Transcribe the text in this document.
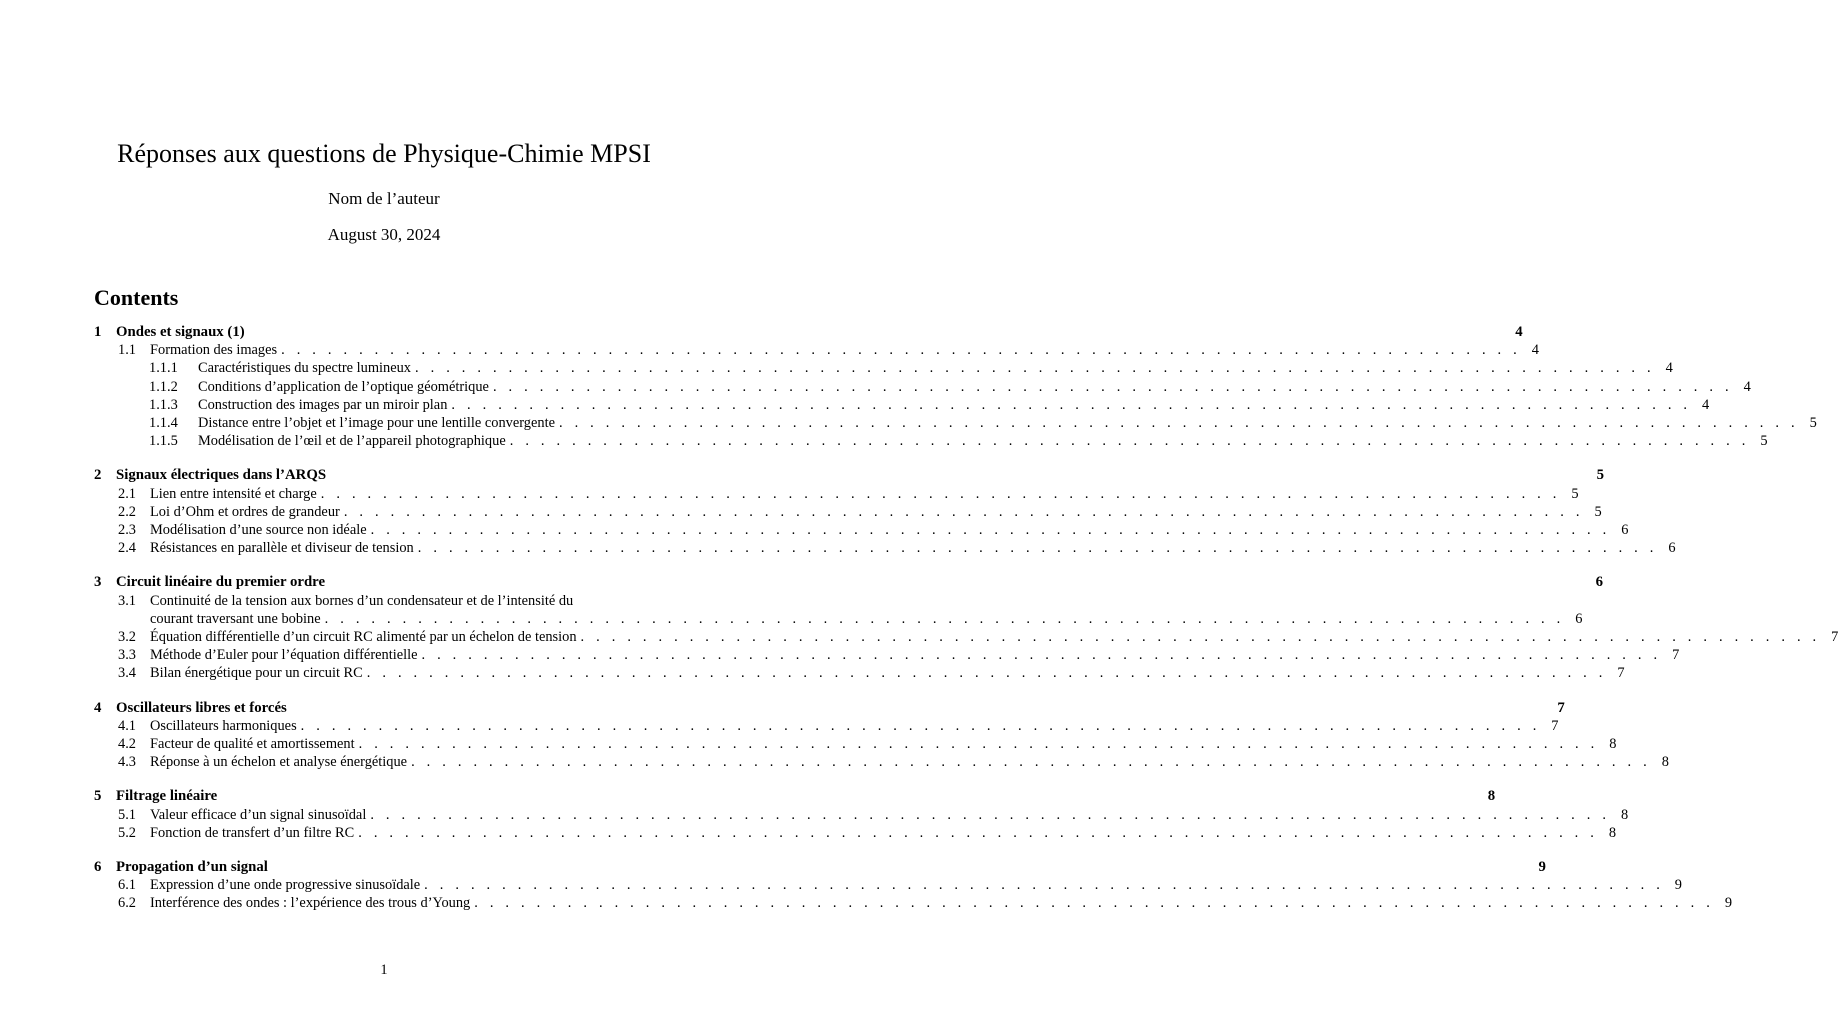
Réponses aux questions de Physique-Chimie MPSI
Nom de l’auteur
August 30, 2024
Contents
1 Ondes et signaux (1)	4
1.1 Formation des images . . . . . . . . . . . . . . . . . . . . . . . . . . . . . . . . . . . . . . . . . . . . . . . . . . . . . . . . . . . . . . . . . . . . . . . . . . . . . . . . 4
1.1.1	Caractéristiques du spectre lumineux . . . . . . . . . . . . . . . . . . . . . . . . . . . . . . . . . . . . . . . . . . . . . . . . . . . . . . . . . . . . . . . . . . . . . . . . . . . . . . . . 4
1.1.2	Conditions d’application de l’optique géométrique . . . . . . . . . . . . . . . . . . . . . . . . . . . . . . . . . . . . . . . . . . . . . . . . . . . . . . . . . . . . . . . . . . . . . . . . . . . . . . . . 4
1.1.3	Construction des images par un miroir plan . . . . . . . . . . . . . . . . . . . . . . . . . . . . . . . . . . . . . . . . . . . . . . . . . . . . . . . . . . . . . . . . . . . . . . . . . . . . . . . . 4
1.1.4	Distance entre l’objet et l’image pour une lentille convergente . . . . . . . . . . . . . . . . . . . . . . . . . . . . . . . . . . . . . . . . . . . . . . . . . . . . . . . . . . . . . . . . . . . . . . . . . . . . . . . . 5
1.1.5	Modélisation de l’œil et de l’appareil photographique . . . . . . . . . . . . . . . . . . . . . . . . . . . . . . . . . . . . . . . . . . . . . . . . . . . . . . . . . . . . . . . . . . . . . . . . . . . . . . . . 5
2 Signaux électriques dans l’ARQS	5
2.1 Lien entre intensité et charge . . . . . . . . . . . . . . . . . . . . . . . . . . . . . . . . . . . . . . . . . . . . . . . . . . . . . . . . . . . . . . . . . . . . . . . . . . . . . . . . 5
2.2 Loi d’Ohm et ordres de grandeur . . . . . . . . . . . . . . . . . . . . . . . . . . . . . . . . . . . . . . . . . . . . . . . . . . . . . . . . . . . . . . . . . . . . . . . . . . . . . . . . 5
2.3 Modélisation d’une source non idéale . . . . . . . . . . . . . . . . . . . . . . . . . . . . . . . . . . . . . . . . . . . . . . . . . . . . . . . . . . . . . . . . . . . . . . . . . . . . . . . . 6
2.4 Résistances en parallèle et diviseur de tension . . . . . . . . . . . . . . . . . . . . . . . . . . . . . . . . . . . . . . . . . . . . . . . . . . . . . . . . . . . . . . . . . . . . . . . . . . . . . . . . 6
3 Circuit linéaire du premier ordre	6
3.1 Continuité de la tension aux bornes d’un condensateur et de l’intensité du
courant traversant une bobine . . . . . . . . . . . . . . . . . . . . . . . . . . . . . . . . . . . . . . . . . . . . . . . . . . . . . . . . . . . . . . . . . . . . . . . . . . . . . . . . 6
3.2 Équation différentielle d’un circuit RC alimenté par un échelon de tension . . . . . . . . . . . . . . . . . . . . . . . . . . . . . . . . . . . . . . . . . . . . . . . . . . . . . . . . . . . . . . . . . . . . . . . . . . . . . . . . 7
3.3 Méthode d’Euler pour l’équation différentielle . . . . . . . . . . . . . . . . . . . . . . . . . . . . . . . . . . . . . . . . . . . . . . . . . . . . . . . . . . . . . . . . . . . . . . . . . . . . . . . . 7
3.4 Bilan énergétique pour un circuit RC . . . . . . . . . . . . . . . . . . . . . . . . . . . . . . . . . . . . . . . . . . . . . . . . . . . . . . . . . . . . . . . . . . . . . . . . . . . . . . . . 7
4 Oscillateurs libres et forcés	7
4.1 Oscillateurs harmoniques . . . . . . . . . . . . . . . . . . . . . . . . . . . . . . . . . . . . . . . . . . . . . . . . . . . . . . . . . . . . . . . . . . . . . . . . . . . . . . . . 7
4.2 Facteur de qualité et amortissement . . . . . . . . . . . . . . . . . . . . . . . . . . . . . . . . . . . . . . . . . . . . . . . . . . . . . . . . . . . . . . . . . . . . . . . . . . . . . . . . 8
4.3 Réponse à un échelon et analyse énergétique . . . . . . . . . . . . . . . . . . . . . . . . . . . . . . . . . . . . . . . . . . . . . . . . . . . . . . . . . . . . . . . . . . . . . . . . . . . . . . . . 8
5 Filtrage linéaire	8
5.1 Valeur efficace d’un signal sinusoïdal . . . . . . . . . . . . . . . . . . . . . . . . . . . . . . . . . . . . . . . . . . . . . . . . . . . . . . . . . . . . . . . . . . . . . . . . . . . . . . . . 8
5.2 Fonction de transfert d’un filtre RC . . . . . . . . . . . . . . . . . . . . . . . . . . . . . . . . . . . . . . . . . . . . . . . . . . . . . . . . . . . . . . . . . . . . . . . . . . . . . . . . 8
6 Propagation d’un signal	9
6.1 Expression d’une onde progressive sinusoïdale . . . . . . . . . . . . . . . . . . . . . . . . . . . . . . . . . . . . . . . . . . . . . . . . . . . . . . . . . . . . . . . . . . . . . . . . . . . . . . . . 9
6.2 Interférence des ondes : l’expérience des trous d’Young . . . . . . . . . . . . . . . . . . . . . . . . . . . . . . . . . . . . . . . . . . . . . . . . . . . . . . . . . . . . . . . . . . . . . . . . . . . . . . . . 9
1
